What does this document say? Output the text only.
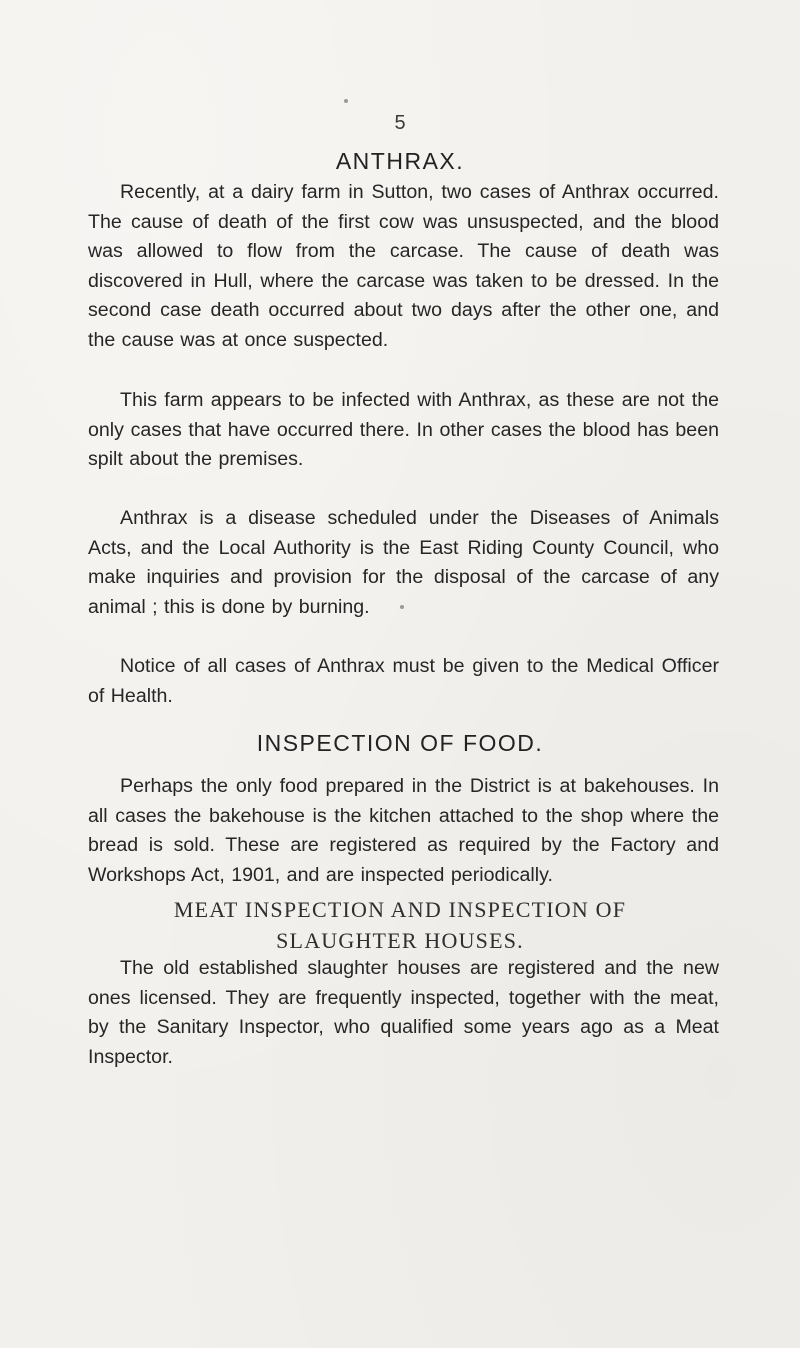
5
ANTHRAX.

Recently, at a dairy farm in Sutton, two cases of Anthrax occurred. The cause of death of the first cow was unsuspected, and the blood was allowed to flow from the carcase. The cause of death was discovered in Hull, where the carcase was taken to be dressed. In the second case death occurred about two days after the other one, and the cause was at once suspected.

This farm appears to be infected with Anthrax, as these are not the only cases that have occurred there. In other cases the blood has been spilt about the premises.

Anthrax is a disease scheduled under the Diseases of Animals Acts, and the Local Authority is the East Riding County Council, who make inquiries and provision for the disposal of the carcase of any animal ; this is done by burning.

Notice of all cases of Anthrax must be given to the Medical Officer of Health.

INSPECTION OF FOOD.

Perhaps the only food prepared in the District is at bakehouses. In all cases the bakehouse is the kitchen attached to the shop where the bread is sold. These are registered as required by the Factory and Workshops Act, 1901, and are inspected periodically.

MEAT INSPECTION AND INSPECTION OF SLAUGHTER HOUSES.

The old established slaughter houses are registered and the new ones licensed. They are frequently inspected, together with the meat, by the Sanitary Inspector, who qualified some years ago as a Meat Inspector.
